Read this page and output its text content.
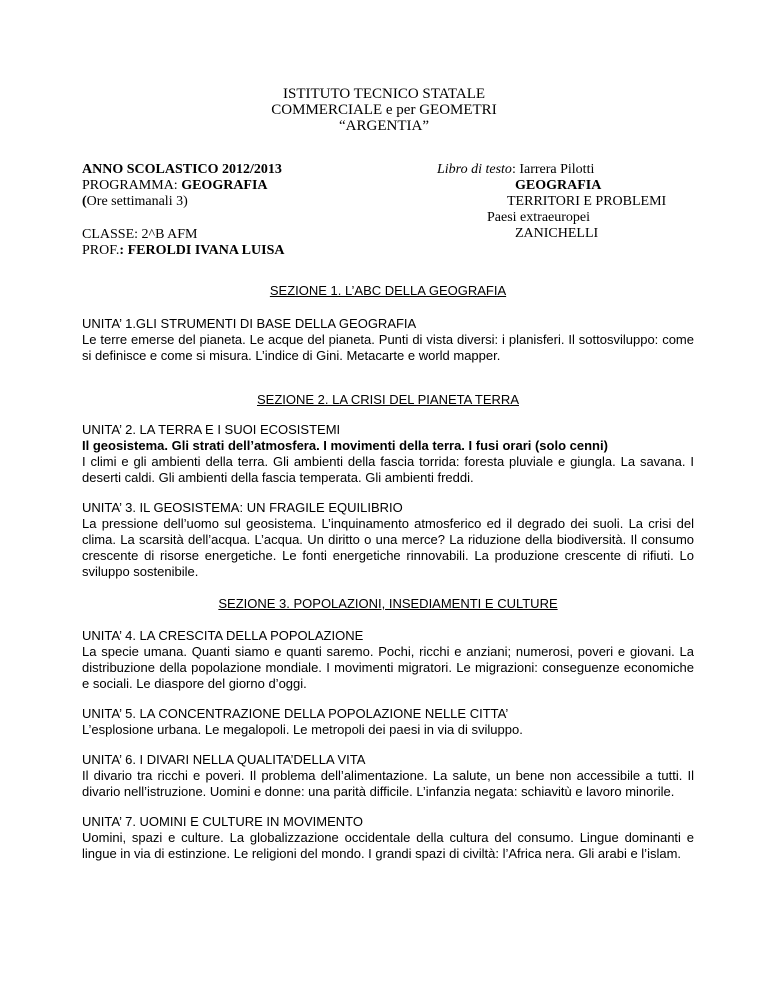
ISTITUTO TECNICO STATALE
COMMERCIALE e per GEOMETRI
“ARGENTIA”
ANNO SCOLASTICO 2012/2013
PROGRAMMA: GEOGRAFIA
(Ore settimanali 3)
CLASSE: 2^B AFM
PROF.: FEROLDI IVANA LUISA
Libro di testo: Iarrera Pilotti
GEOGRAFIA
TERRITORI E PROBLEMI
Paesi extraeuropei
ZANICHELLI
SEZIONE 1. L’ABC DELLA GEOGRAFIA
UNITA’ 1.GLI STRUMENTI DI BASE DELLA GEOGRAFIA
Le terre emerse del pianeta. Le acque del pianeta. Punti di vista diversi: i planisferi. Il sottosviluppo: come si definisce e come si misura. L’indice di Gini. Metacarte e world mapper.
SEZIONE 2. LA CRISI DEL PIANETA TERRA
UNITA’ 2. LA TERRA E I SUOI ECOSISTEMI
Il geosistema. Gli strati dell’atmosfera. I movimenti della terra. I fusi orari (solo cenni)
I climi e gli ambienti della terra. Gli ambienti della fascia torrida: foresta pluviale e giungla. La savana. I deserti caldi. Gli ambienti della fascia temperata. Gli ambienti freddi.
UNITA’ 3. IL GEOSISTEMA: UN FRAGILE EQUILIBRIO
La pressione dell’uomo sul geosistema. L’inquinamento atmosferico ed il degrado dei suoli. La crisi del clima. La scarsità dell’acqua. L’acqua. Un diritto o una merce? La riduzione della biodiversità. Il consumo crescente di risorse energetiche. Le fonti energetiche rinnovabili. La produzione crescente di rifiuti. Lo sviluppo sostenibile.
SEZIONE 3. POPOLAZIONI, INSEDIAMENTI E CULTURE
UNITA’ 4. LA CRESCITA DELLA POPOLAZIONE
La specie umana. Quanti siamo e quanti saremo. Pochi, ricchi e anziani; numerosi, poveri e giovani. La distribuzione della popolazione mondiale. I movimenti migratori. Le migrazioni: conseguenze economiche e sociali. Le diaspore del giorno d’oggi.
UNITA’ 5. LA CONCENTRAZIONE DELLA POPOLAZIONE NELLE CITTA’
L’esplosione urbana. Le megalopoli. Le metropoli dei paesi in via di sviluppo.
UNITA’ 6. I DIVARI NELLA QUALITA’DELLA VITA
Il divario tra ricchi e poveri. Il problema dell’alimentazione. La salute, un bene non accessibile a tutti. Il divario nell’istruzione. Uomini e donne: una parità difficile. L’infanzia negata: schiavitù e lavoro minorile.
UNITA’ 7. UOMINI E CULTURE IN MOVIMENTO
Uomini, spazi e culture. La globalizzazione occidentale della cultura del consumo. Lingue dominanti e lingue in via di estinzione. Le religioni del mondo. I grandi spazi di civiltà: l’Africa nera. Gli arabi e l’islam.
